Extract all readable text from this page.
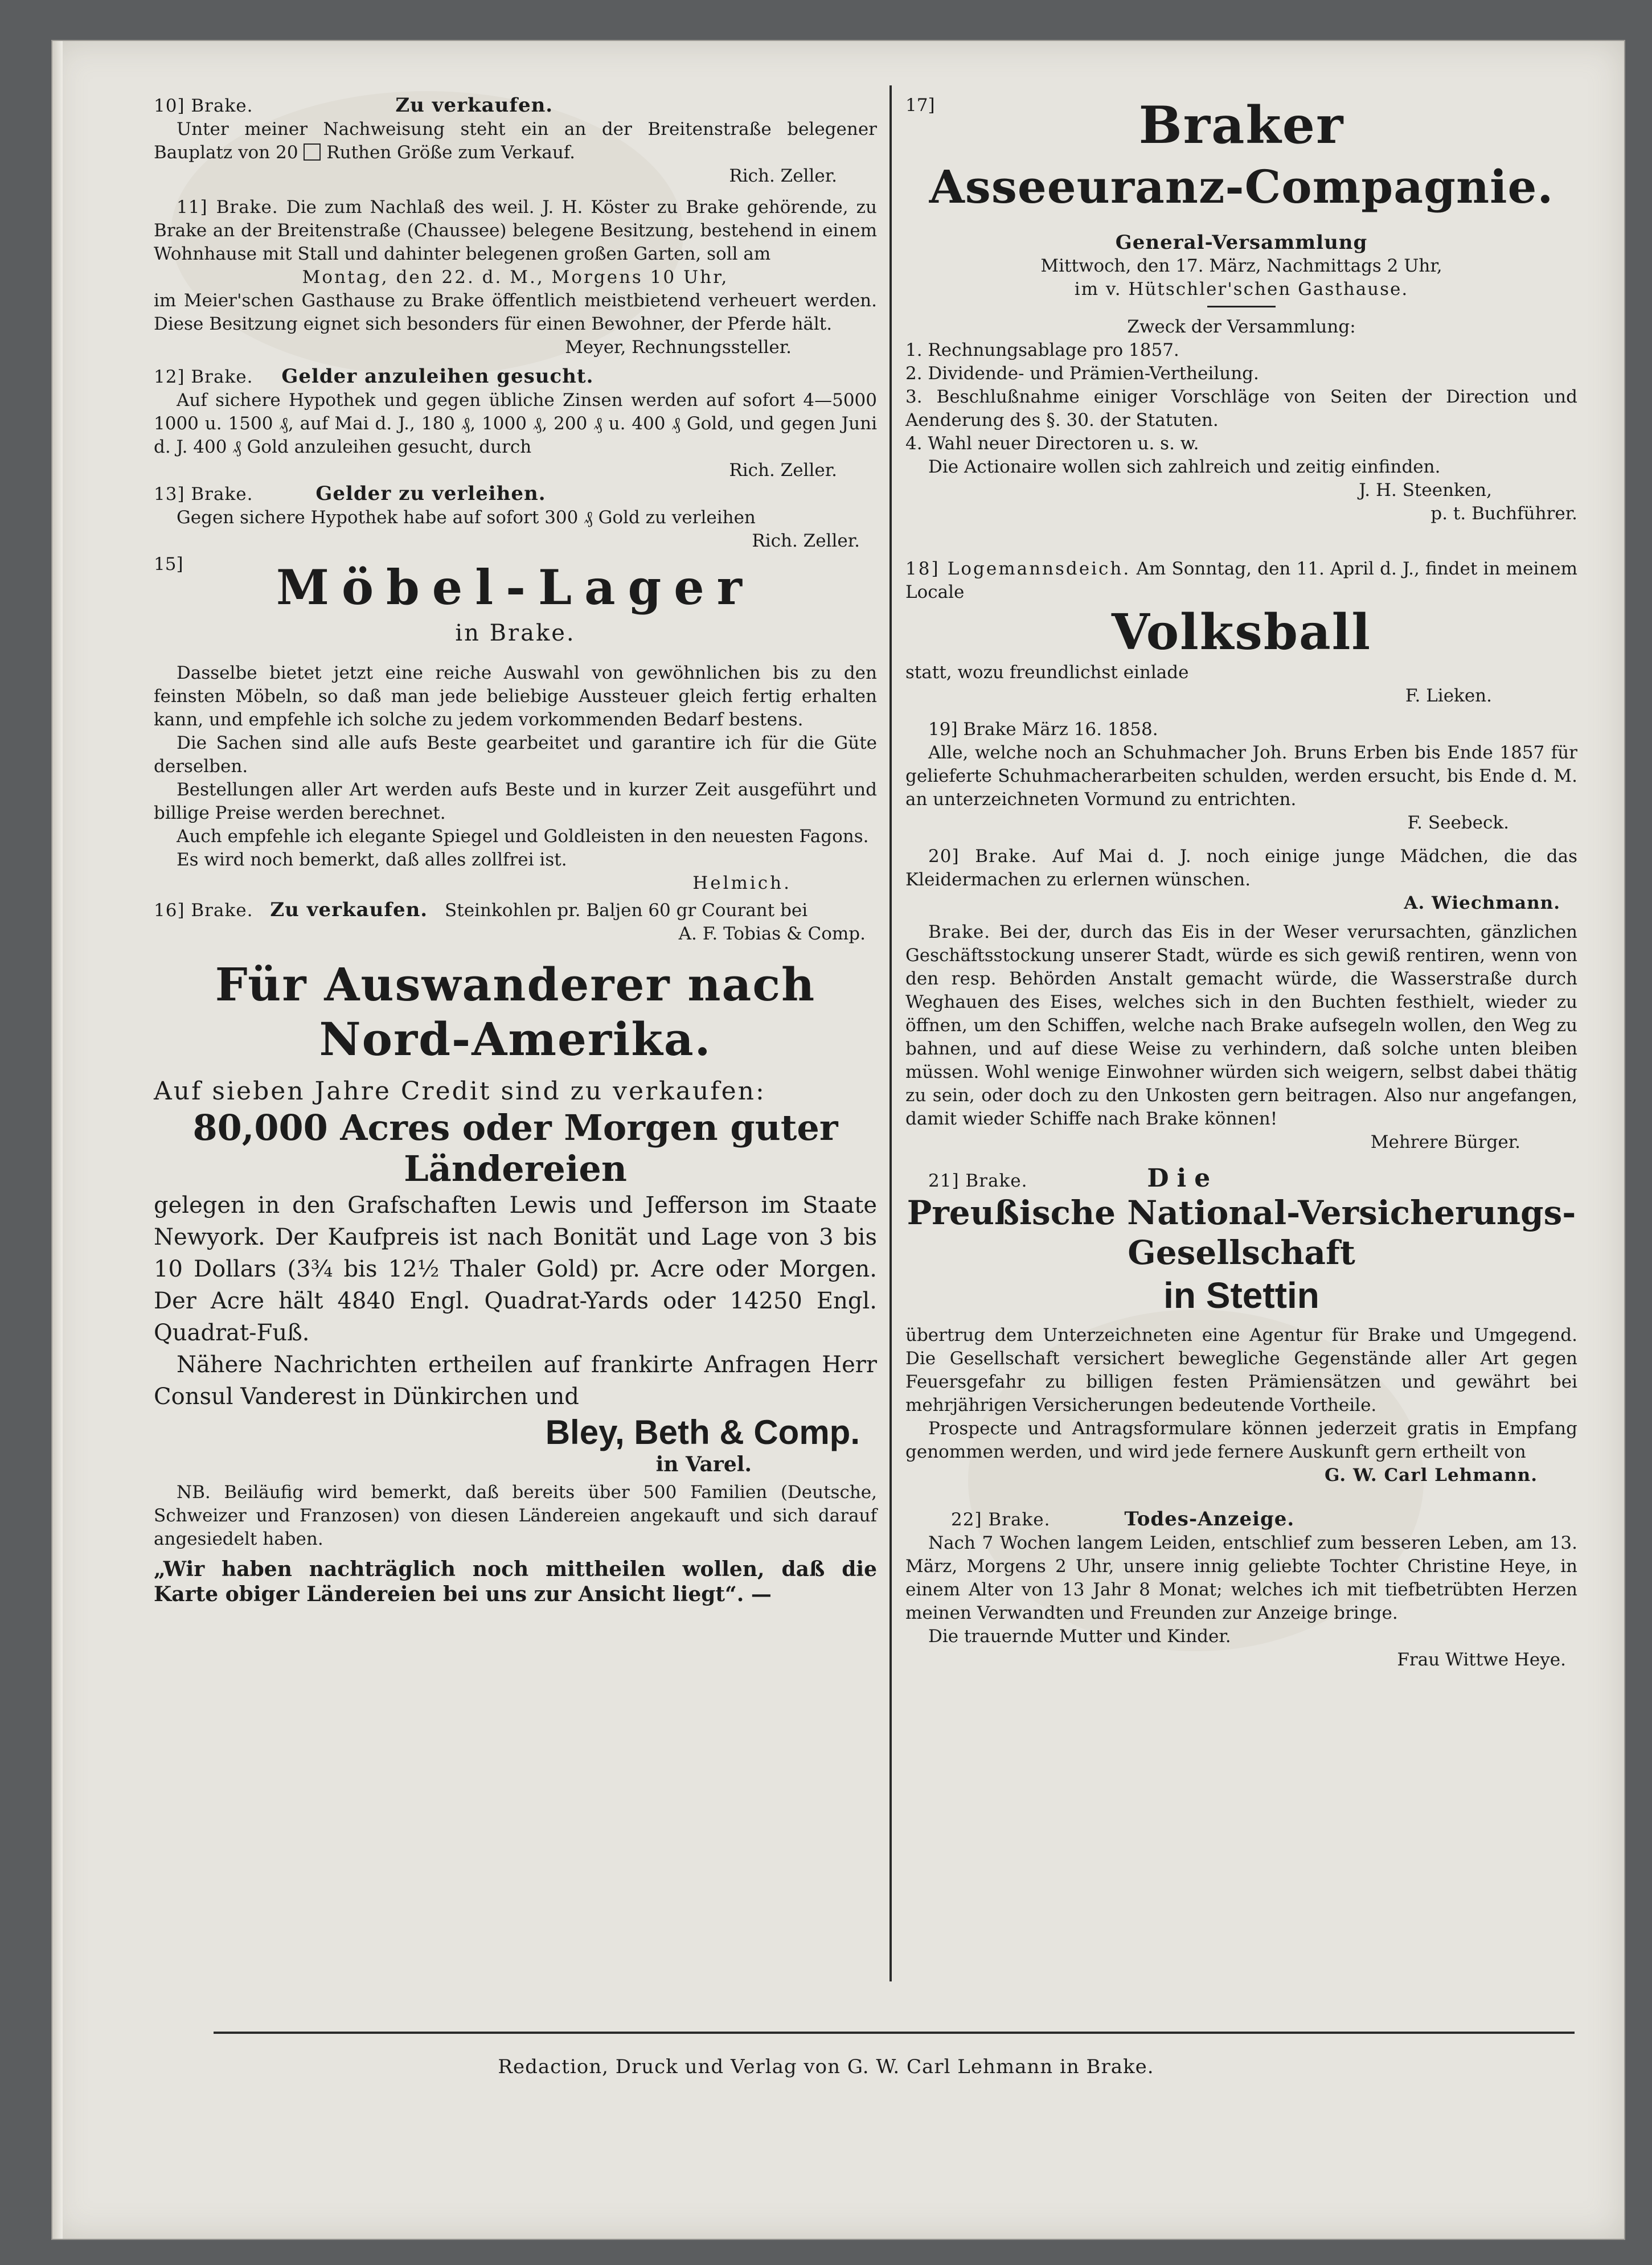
10] Brake.	Zu verkaufen.

Unter meiner Nachweisung steht ein an der Breitenstraße belegener Bauplatz von 20 Ruthen Größe zum Verkauf.

Rich. Zeller.

11] Brake. Die zum Nachlaß des weil. J. H. Köster zu Brake gehörende, zu Brake an der Breitenstraße (Chaussee) belegene Besitzung, bestehend in einem Wohnhause mit Stall und dahinter belegenen großen Garten, soll am

Montag, den 22. d. M., Morgens 10 Uhr,

im Meier'schen Gasthause zu Brake öffentlich meistbietend verheuert werden. Diese Besitzung eignet sich besonders für einen Bewohner, der Pferde hält.

Meyer, Rechnungssteller.

12] Brake. Gelder anzuleihen gesucht.

Auf sichere Hypothek und gegen übliche Zinsen werden auf sofort 4—5000 1000 u. 1500 ₰, auf Mai d. J., 180 ₰, 1000 ₰, 200 ₰ u. 400 ₰ Gold, und gegen Juni d. J. 400 ₰ Gold anzuleihen gesucht, durch

Rich. Zeller.

13] Brake.	Gelder zu verleihen.

Gegen sichere Hypothek habe auf sofort 300 ₰ Gold zu verleihen

Rich. Zeller.

15]	Möbel-Lager

in Brake.

Dasselbe bietet jetzt eine reiche Auswahl von gewöhnlichen bis zu den feinsten Möbeln, so daß man jede beliebige Aussteuer gleich fertig erhalten kann, und empfehle ich solche zu jedem vorkommenden Bedarf bestens.

Die Sachen sind alle aufs Beste gearbeitet und garantire ich für die Güte derselben.

Bestellungen aller Art werden aufs Beste und in kurzer Zeit ausgeführt und billige Preise werden berechnet.

Auch empfehle ich elegante Spiegel und Goldleisten in den neuesten Fagons.

Es wird noch bemerkt, daß alles zollfrei ist.

Helmich.

16] Brake. Zu verkaufen. Steinkohlen pr. Baljen 60 gr Courant bei

A. F. Tobias & Comp.

Für Auswanderer nach Nord-Amerika.

Auf sieben Jahre Credit sind zu verkaufen:

80,000 Acres oder Morgen guter Ländereien

gelegen in den Grafschaften Lewis und Jefferson im Staate Newyork. Der Kaufpreis ist nach Bonität und Lage von 3 bis 10 Dollars (3¾ bis 12½ Thaler Gold) pr. Acre oder Morgen. Der Acre hält 4840 Engl. Quadrat-Yards oder 14250 Engl. Quadrat-Fuß.

Nähere Nachrichten ertheilen auf frankirte Anfragen Herr Consul Vanderest in Dünkirchen und

Bley, Beth & Comp.

in Varel.

NB. Beiläufig wird bemerkt, daß bereits über 500 Familien (Deutsche, Schweizer und Franzosen) von diesen Ländereien angekauft und sich darauf angesiedelt haben.

„Wir haben nachträglich noch mittheilen wollen, daß die Karte obiger Ländereien bei uns zur Ansicht liegt“. —

17]	Braker

Asseeuranz-Compagnie.

General-Versammlung

Mittwoch, den 17. März, Nachmittags 2 Uhr,

im v. Hütschler'schen Gasthause.

Zweck der Versammlung:

1. Rechnungsablage pro 1857.

2. Dividende- und Prämien-Vertheilung.

3. Beschlußnahme einiger Vorschläge von Seiten der Direction und Aenderung des §. 30. der Statuten.

4. Wahl neuer Directoren u. s. w.

Die Actionaire wollen sich zahlreich und zeitig einfinden.

J. H. Steenken,

p. t. Buchführer.

18] Logemannsdeich. Am Sonntag, den 11. April d. J., findet in meinem Locale

Volksball

statt, wozu freundlichst einlade

F. Lieken.

19] Brake März 16. 1858.

Alle, welche noch an Schuhmacher Joh. Bruns Erben bis Ende 1857 für gelieferte Schuhmacherarbeiten schulden, werden ersucht, bis Ende d. M. an unterzeichneten Vormund zu entrichten.

F. Seebeck.

20] Brake. Auf Mai d. J. noch einige junge Mädchen, die das Kleidermachen zu erlernen wünschen.

A. Wiechmann.

Brake. Bei der, durch das Eis in der Weser verursachten, gänzlichen Geschäftsstockung unserer Stadt, würde es sich gewiß rentiren, wenn von den resp. Behörden Anstalt gemacht würde, die Wasserstraße durch Weghauen des Eises, welches sich in den Buchten festhielt, wieder zu öffnen, um den Schiffen, welche nach Brake aufsegeln wollen, den Weg zu bahnen, und auf diese Weise zu verhindern, daß solche unten bleiben müssen. Wohl wenige Einwohner würden sich weigern, selbst dabei thätig zu sein, oder doch zu den Unkosten gern beitragen. Also nur angefangen, damit wieder Schiffe nach Brake können!

Mehrere Bürger.

21] Brake.	Die

Preußische National-Versicherungs-Gesellschaft

in Stettin

übertrug dem Unterzeichneten eine Agentur für Brake und Umgegend. Die Gesellschaft versichert bewegliche Gegenstände aller Art gegen Feuersgefahr zu billigen festen Prämiensätzen und gewährt bei mehrjährigen Versicherungen bedeutende Vortheile.

Prospecte und Antragsformulare können jederzeit gratis in Empfang genommen werden, und wird jede fernere Auskunft gern ertheilt von

G. W. Carl Lehmann.

22] Brake.	Todes-Anzeige.

Nach 7 Wochen langem Leiden, entschlief zum besseren Leben, am 13. März, Morgens 2 Uhr, unsere innig geliebte Tochter Christine Heye, in einem Alter von 13 Jahr 8 Monat; welches ich mit tiefbetrübten Herzen meinen Verwandten und Freunden zur Anzeige bringe.

Die trauernde Mutter und Kinder.

Frau Wittwe Heye.

Redaction, Druck und Verlag von G. W. Carl Lehmann in Brake.
